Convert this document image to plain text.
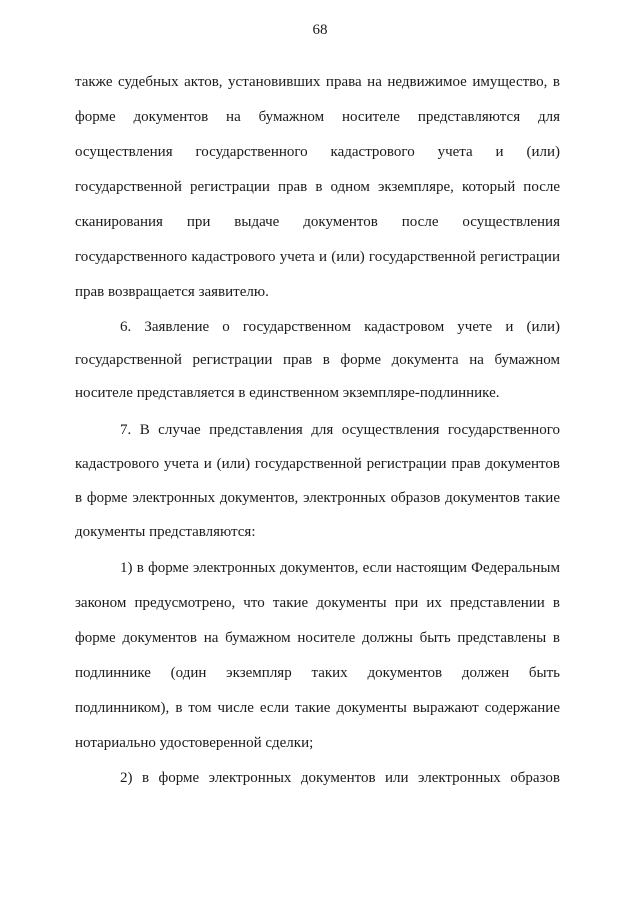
68
также судебных актов, установивших права на недвижимое имущество, в
форме документов на бумажном носителе представляются для
осуществления государственного кадастрового учета и (или)
государственной регистрации прав в одном экземпляре, который после
сканирования при выдаче документов после осуществления
государственного кадастрового учета и (или) государственной регистрации
прав возвращается заявителю.
6. Заявление о государственном кадастровом учете и (или)
государственной регистрации прав в форме документа на бумажном
носителе представляется в единственном экземпляре-подлиннике.
7. В случае представления для осуществления государственного
кадастрового учета и (или) государственной регистрации прав документов
в форме электронных документов, электронных образов документов такие
документы представляются:
1) в форме электронных документов, если настоящим Федеральным
законом предусмотрено, что такие документы при их представлении в
форме документов на бумажном носителе должны быть представлены в
подлиннике (один экземпляр таких документов должен быть
подлинником), в том числе если такие документы выражают содержание
нотариально удостоверенной сделки;
2) в форме электронных документов или электронных образов
